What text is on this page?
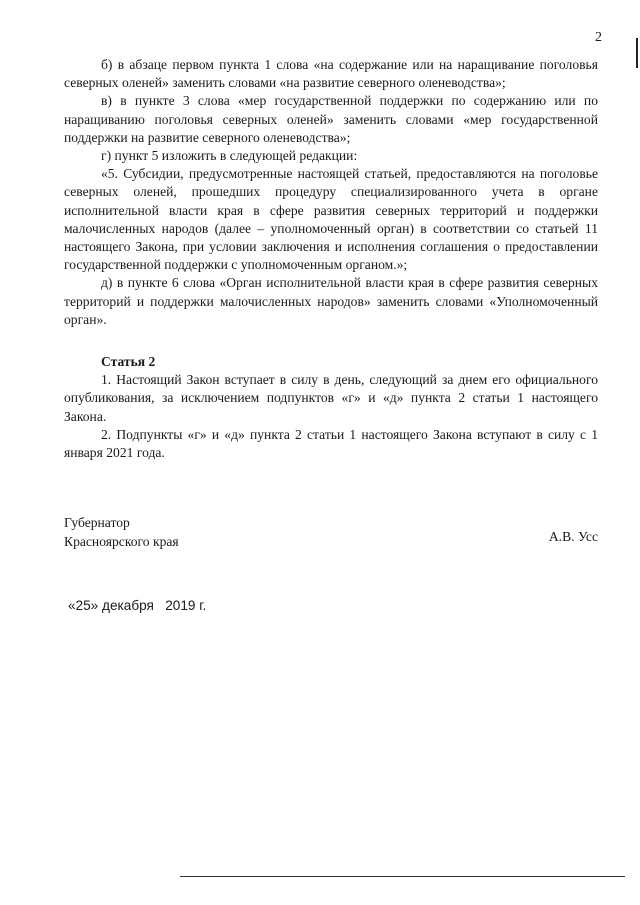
2

б) в абзаце первом пункта 1 слова «на содержание или на наращивание поголовья северных оленей» заменить словами «на развитие северного оленеводства»;

в) в пункте 3 слова «мер государственной поддержки по содержанию или по наращиванию поголовья северных оленей» заменить словами «мер государственной поддержки на развитие северного оленеводства»;

г) пункт 5 изложить в следующей редакции:

«5. Субсидии, предусмотренные настоящей статьей, предоставляются на поголовье северных оленей, прошедших процедуру специализированного учета в органе исполнительной власти края в сфере развития северных территорий и поддержки малочисленных народов (далее – уполномоченный орган) в соответствии со статьей 11 настоящего Закона, при условии заключения и исполнения соглашения о предоставлении государственной поддержки с уполномоченным органом.»;

д) в пункте 6 слова «Орган исполнительной власти края в сфере развития северных территорий и поддержки малочисленных народов» заменить словами «Уполномоченный орган».

Статья 2

1. Настоящий Закон вступает в силу в день, следующий за днем его официального опубликования, за исключением подпунктов «г» и «д» пункта 2 статьи 1 настоящего Закона.

2. Подпункты «г» и «д» пункта 2 статьи 1 настоящего Закона вступают в силу с 1 января 2021 года.

Губернатор
Красноярского края	А.В. Усс
«25» декабря   2019 г.
